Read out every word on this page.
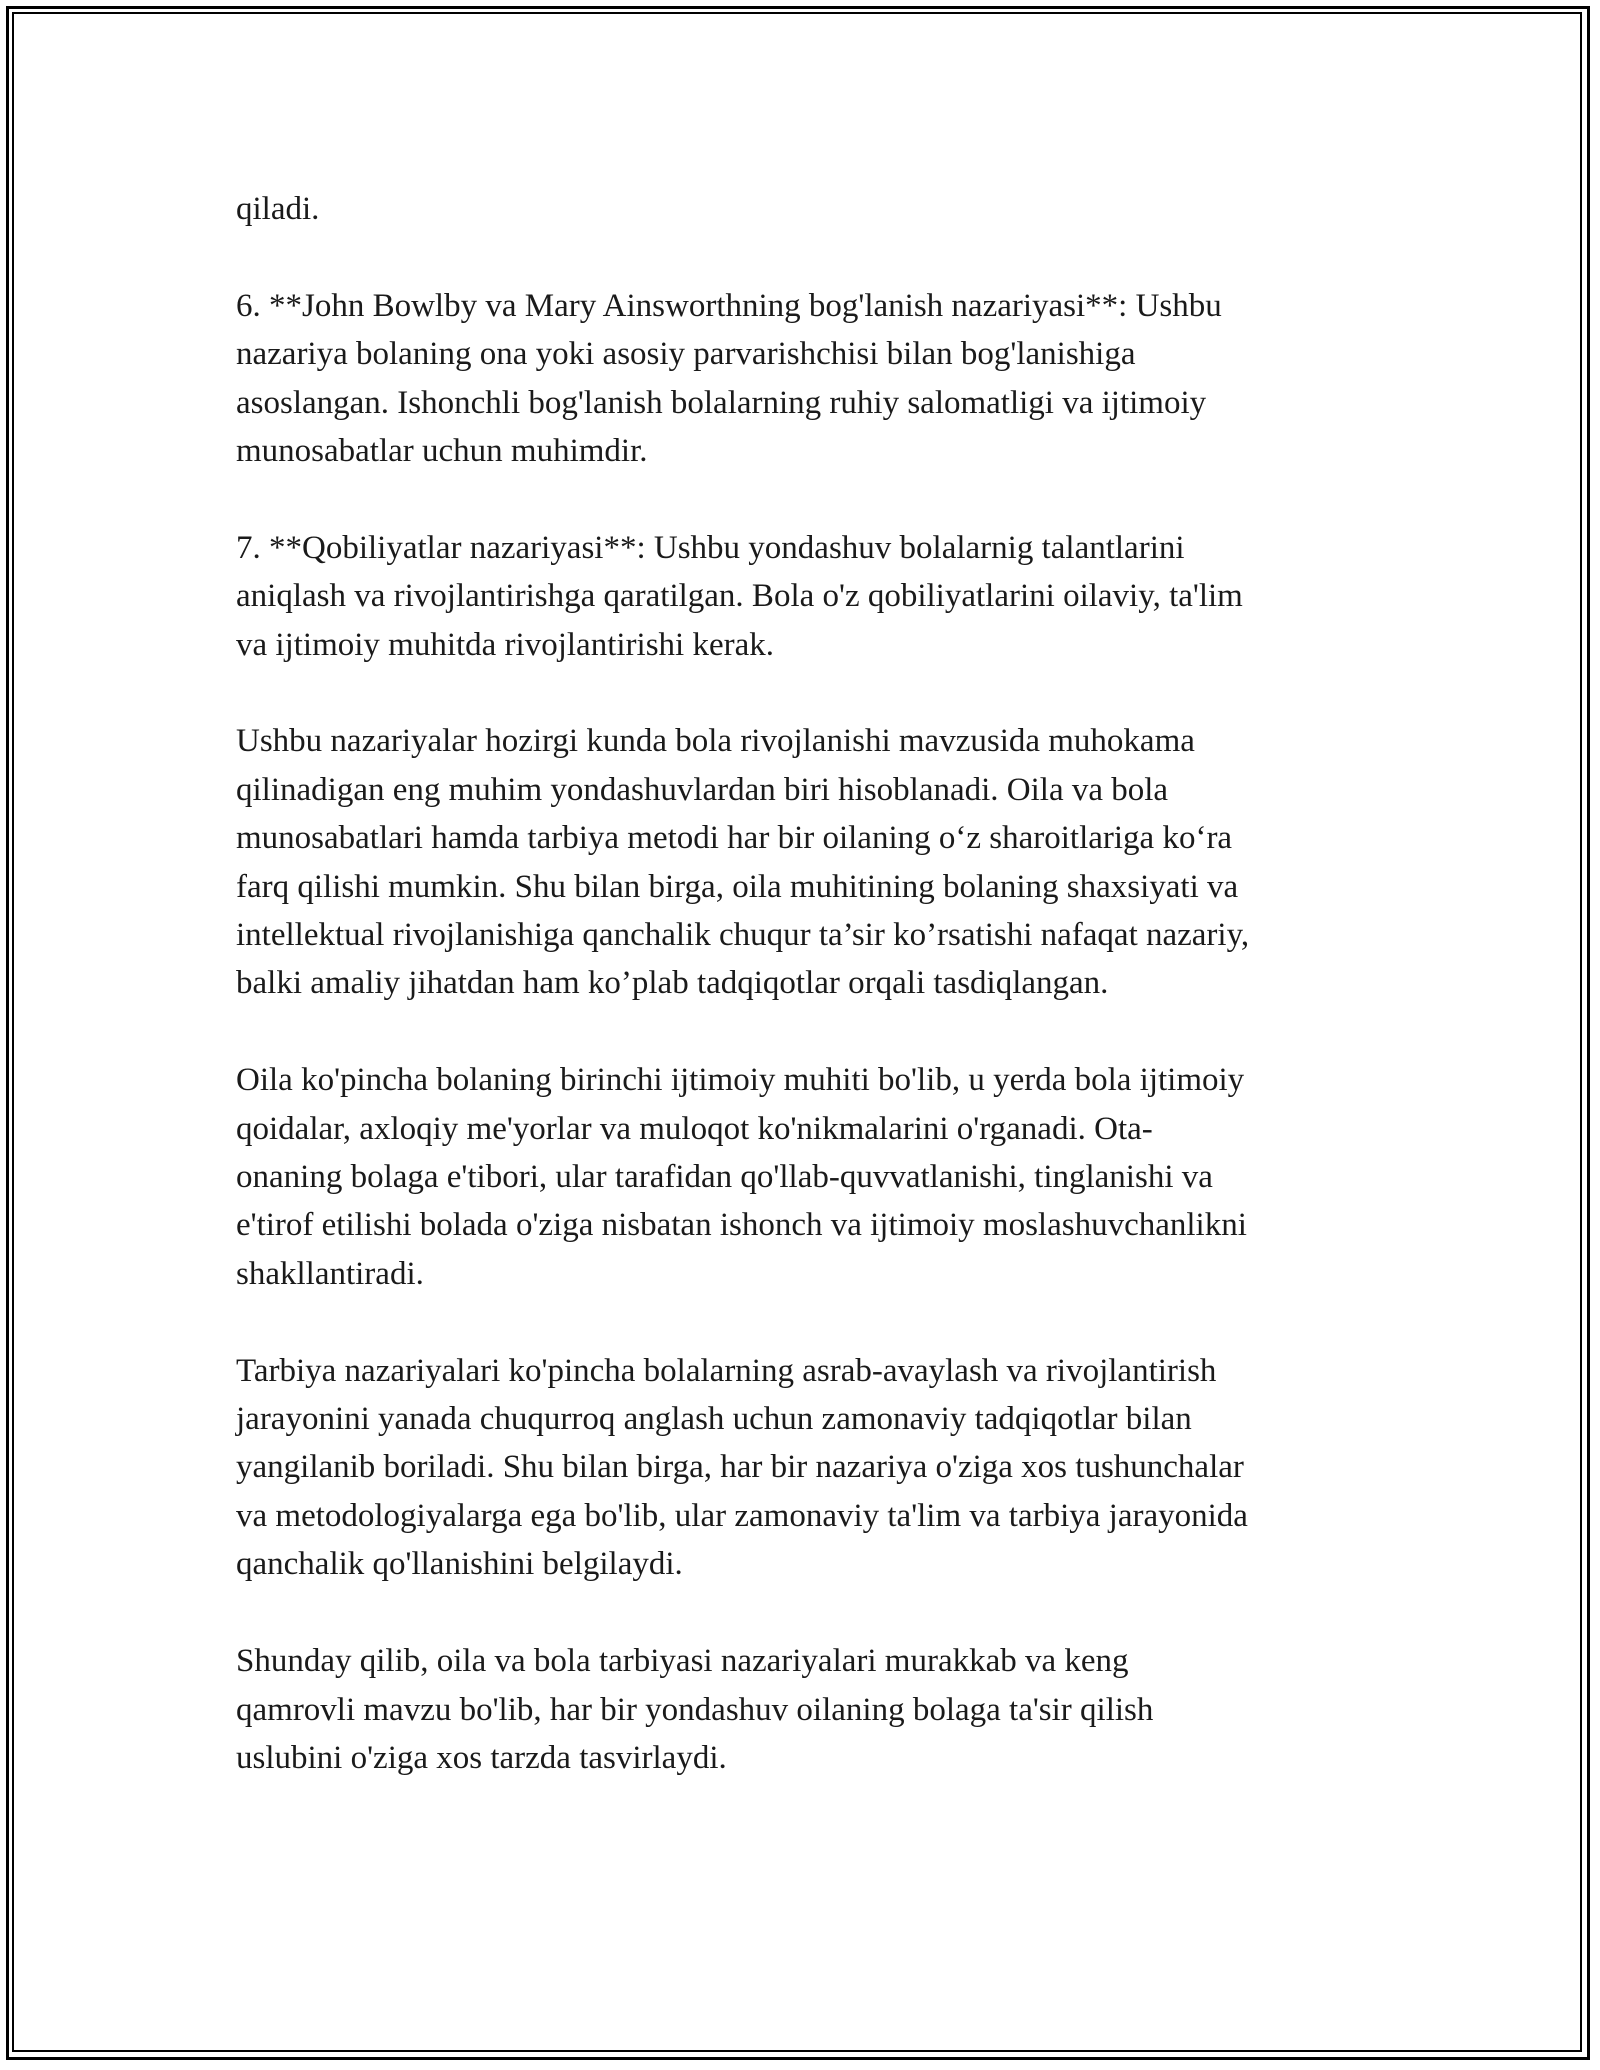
qiladi.

6. **John Bowlby va Mary Ainsworthning bog'lanish nazariyasi**: Ushbu
nazariya bolaning ona yoki asosiy parvarishchisi bilan bog'lanishiga
asoslangan. Ishonchli bog'lanish bolalarning ruhiy salomatligi va ijtimoiy
munosabatlar uchun muhimdir.

7. **Qobiliyatlar nazariyasi**: Ushbu yondashuv bolalarnig talantlarini
aniqlash va rivojlantirishga qaratilgan. Bola o'z qobiliyatlarini oilaviy, ta'lim
va ijtimoiy muhitda rivojlantirishi kerak.

Ushbu nazariyalar hozirgi kunda bola rivojlanishi mavzusida muhokama
qilinadigan eng muhim yondashuvlardan biri hisoblanadi. Oila va bola
munosabatlari hamda tarbiya metodi har bir oilaning o‘z sharoitlariga ko‘ra
farq qilishi mumkin. Shu bilan birga, oila muhitining bolaning shaxsiyati va
intellektual rivojlanishiga qanchalik chuqur ta’sir ko’rsatishi nafaqat nazariy,
balki amaliy jihatdan ham ko’plab tadqiqotlar orqali tasdiqlangan.

Oila ko'pincha bolaning birinchi ijtimoiy muhiti bo'lib, u yerda bola ijtimoiy
qoidalar, axloqiy me'yorlar va muloqot ko'nikmalarini o'rganadi. Ota-
onaning bolaga e'tibori, ular tarafidan qo'llab-quvvatlanishi, tinglanishi va
e'tirof etilishi bolada o'ziga nisbatan ishonch va ijtimoiy moslashuvchanlikni
shakllantiradi.

Tarbiya nazariyalari ko'pincha bolalarning asrab-avaylash va rivojlantirish
jarayonini yanada chuqurroq anglash uchun zamonaviy tadqiqotlar bilan
yangilanib boriladi. Shu bilan birga, har bir nazariya o'ziga xos tushunchalar
va metodologiyalarga ega bo'lib, ular zamonaviy ta'lim va tarbiya jarayonida
qanchalik qo'llanishini belgilaydi.

Shunday qilib, oila va bola tarbiyasi nazariyalari murakkab va keng
qamrovli mavzu bo'lib, har bir yondashuv oilaning bolaga ta'sir qilish
uslubini o'ziga xos tarzda tasvirlaydi.
